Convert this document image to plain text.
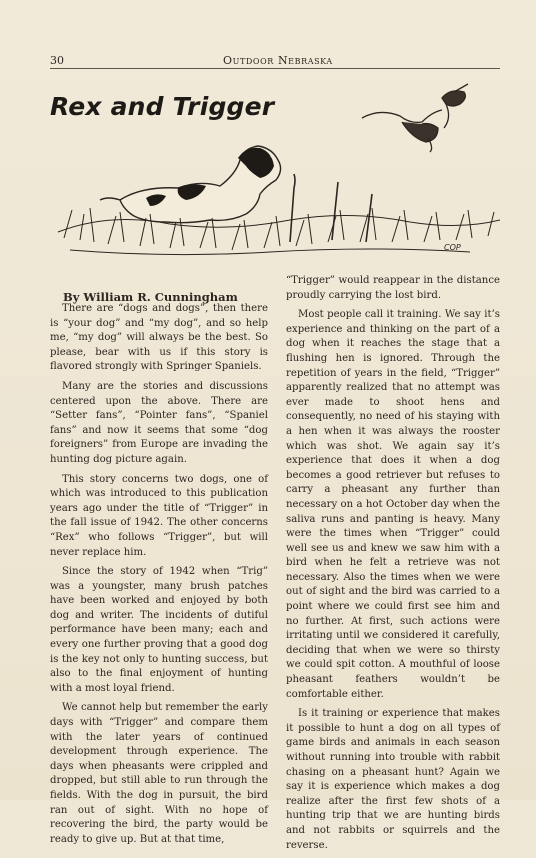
30	Outdoor Nebraska
COP
Rex and Trigger
By William R. Cunningham

There are “dogs and dogs”, then there is “your dog” and “my dog”, and so help me, “my dog” will always be the best. So please, bear with us if this story is flavored strongly with Springer Spaniels.

Many are the stories and discussions centered upon the above. There are “Setter fans”, “Pointer fans”, “Spaniel fans” and now it seems that some “dog foreigners” from Europe are invading the hunting dog picture again.

This story concerns two dogs, one of which was introduced to this publication years ago under the title of “Trigger” in the fall issue of 1942. The other concerns “Rex” who follows “Trigger”, but will never replace him.

Since the story of 1942 when “Trig” was a youngster, many brush patches have been worked and enjoyed by both dog and writer. The incidents of dutiful performance have been many; each and every one further proving that a good dog is the key not only to hunting success, but also to the final enjoyment of hunting with a most loyal friend.

We cannot help but remember the early days with “Trigger” and compare them with the later years of continued development through experience. The days when pheasants were crippled and dropped, but still able to run through the fields. With the dog in pursuit, the bird ran out of sight. With no hope of recovering the bird, the party would be ready to give up. But at that time,

“Trigger” would reappear in the distance proudly carrying the lost bird.

Most people call it training. We say it’s experience and thinking on the part of a dog when it reaches the stage that a flushing hen is ignored. Through the repetition of years in the field, “Trigger” apparently realized that no attempt was ever made to shoot hens and consequently, no need of his staying with a hen when it was always the rooster which was shot. We again say it’s experience that does it when a dog becomes a good retriever but refuses to carry a pheasant any further than necessary on a hot October day when the saliva runs and panting is heavy. Many were the times when “Trigger” could well see us and knew we saw him with a bird when he felt a retrieve was not necessary. Also the times when we were out of sight and the bird was carried to a point where we could first see him and no further. At first, such actions were irritating until we considered it carefully, deciding that when we were so thirsty we could spit cotton. A mouthful of loose pheasant feathers wouldn’t be comfortable either.

Is it training or experience that makes it possible to hunt a dog on all types of game birds and animals in each season without running into trouble with rabbit chasing on a pheasant hunt? Again we say it is experience which makes a dog realize after the first few shots of a hunting trip that we are hunting birds and not rabbits or squirrels and the reverse.
